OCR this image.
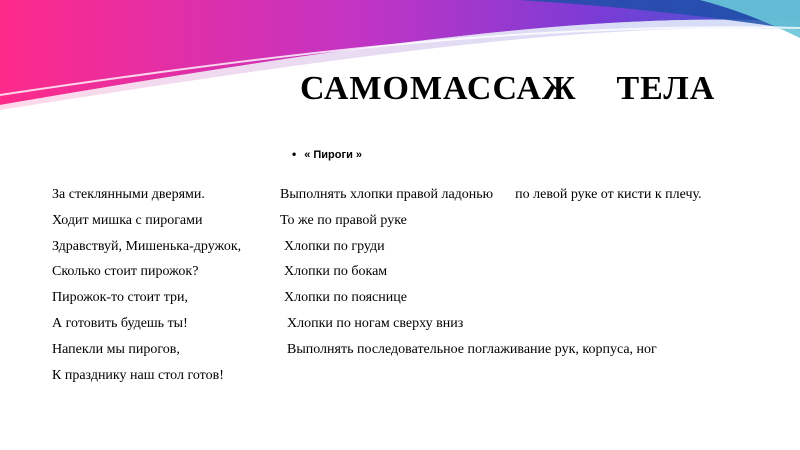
САМОМАССАЖ ТЕЛА
• « Пироги »
За стеклянными дверями.	Выполнять хлопки правой ладонью по левой руке от кисти к плечу.
Ходит мишка с пирогами	То же по правой руке
Здравствуй, Мишенька-дружок,	Хлопки по груди
Сколько стоит пирожок?	Хлопки по бокам
Пирожок-то стоит три,	Хлопки по пояснице
А готовить будешь ты!	Хлопки по ногам сверху вниз
Напекли мы пирогов,	Выполнять последовательное поглаживание рук, корпуса, ног
К празднику наш стол готов!
